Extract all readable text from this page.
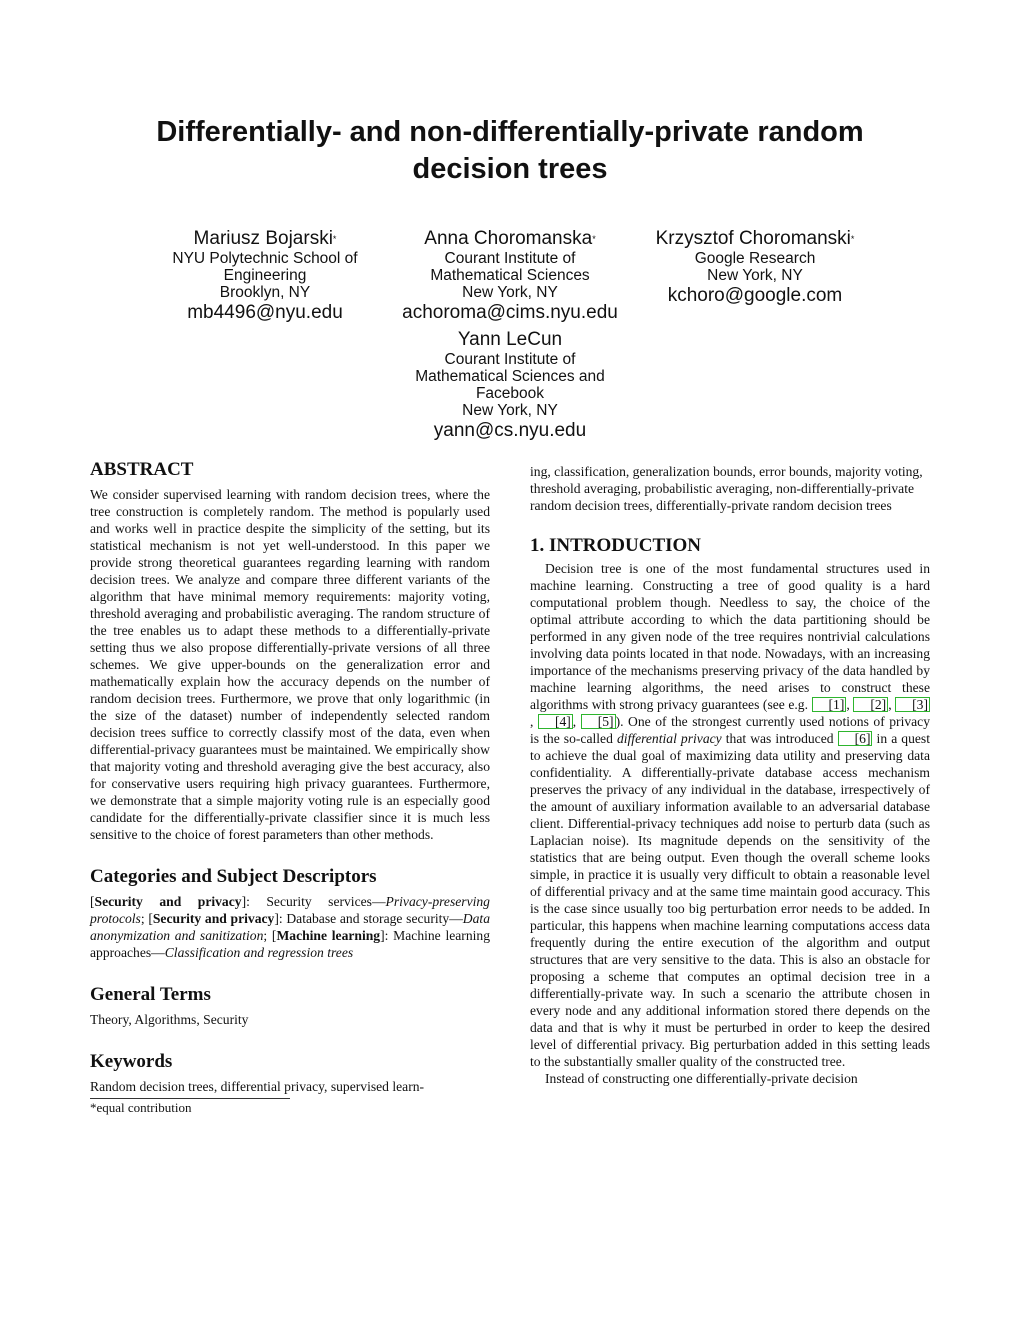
Differentially- and non-differentially-private random decision trees
Mariusz Bojarski*
NYU Polytechnic School of
Engineering
Brooklyn, NY
mb4496@nyu.edu
Anna Choromanska*
Courant Institute of
Mathematical Sciences
New York, NY
achoroma@cims.nyu.edu
Krzysztof Choromanski*
Google Research
New York, NY
kchoro@google.com
Yann LeCun
Courant Institute of
Mathematical Sciences and
Facebook
New York, NY
yann@cs.nyu.edu
ABSTRACT

We consider supervised learning with random decision trees, where the tree construction is completely random. The method is popularly used and works well in practice despite the simplicity of the setting, but its statistical mechanism is not yet well-understood. In this paper we provide strong theoretical guarantees regarding learning with random decision trees. We analyze and compare three different variants of the algorithm that have minimal memory requirements: majority voting, threshold averaging and probabilistic averaging. The random structure of the tree enables us to adapt these methods to a differentially-private setting thus we also propose differentially-private versions of all three schemes. We give upper-bounds on the generalization error and mathematically explain how the accuracy depends on the number of random decision trees. Furthermore, we prove that only logarithmic (in the size of the dataset) number of independently selected random decision trees suffice to correctly classify most of the data, even when differential-privacy guarantees must be maintained. We empirically show that majority voting and threshold averaging give the best accuracy, also for conservative users requiring high privacy guarantees. Furthermore, we demonstrate that a simple majority voting rule is an especially good candidate for the differentially-private classifier since it is much less sensitive to the choice of forest parameters than other methods.

Categories and Subject Descriptors

[Security and privacy]: Security services—Privacy-preserving protocols; [Security and privacy]: Database and storage security—Data anonymization and sanitization; [Machine learning]: Machine learning approaches—Classification and regression trees

General Terms

Theory, Algorithms, Security

Keywords

Random decision trees, differential privacy, supervised learn-

*equal contribution

ing, classification, generalization bounds, error bounds, majority voting, threshold averaging, probabilistic averaging, non-differentially-private random decision trees, differentially-private random decision trees

1. INTRODUCTION

Decision tree is one of the most fundamental structures used in machine learning. Constructing a tree of good quality is a hard computational problem though. Needless to say, the choice of the optimal attribute according to which the data partitioning should be performed in any given node of the tree requires nontrivial calculations involving data points located in that node. Nowadays, with an increasing importance of the mechanisms preserving privacy of the data handled by machine learning algorithms, the need arises to construct these algorithms with strong privacy guarantees (see e.g. [1] , [2] , [3], [4] , [5] ). One of the strongest currently used notions of privacy is the so-called differential privacy that was introduced [6] in a quest to achieve the dual goal of maximizing data utility and preserving data confidentiality. A differentially-private database access mechanism preserves the privacy of any individual in the database, irrespectively of the amount of auxiliary information available to an adversarial database client. Differential-privacy techniques add noise to perturb data (such as Laplacian noise). Its magnitude depends on the sensitivity of the statistics that are being output. Even though the overall scheme looks simple, in practice it is usually very difficult to obtain a reasonable level of differential privacy and at the same time maintain good accuracy. This is the case since usually too big perturbation error needs to be added. In particular, this happens when machine learning computations access data frequently during the entire execution of the algorithm and output structures that are very sensitive to the data. This is also an obstacle for proposing a scheme that computes an optimal decision tree in a differentially-private way. In such a scenario the attribute chosen in every node and any additional information stored there depends on the data and that is why it must be perturbed in order to keep the desired level of differential privacy. Big perturbation added in this setting leads to the substantially smaller quality of the constructed tree.

Instead of constructing one differentially-private decision
